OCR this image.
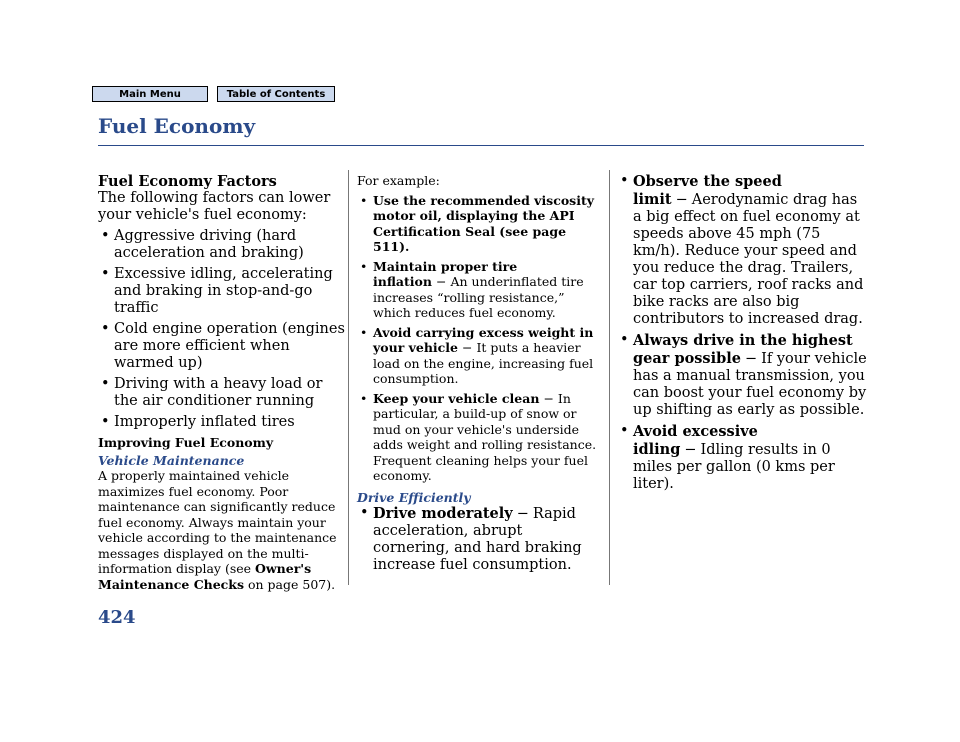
Main Menu	Table of Contents
Fuel Economy
Fuel Economy Factors
The following factors can lower your vehicle's fuel economy:
• Aggressive driving (hard acceleration and braking)
• Excessive idling, accelerating and braking in stop-and-go traffic
• Cold engine operation (engines are more efficient when warmed up)
• Driving with a heavy load or the air conditioner running
• Improperly inflated tires
Improving Fuel Economy
Vehicle Maintenance
A properly maintained vehicle maximizes fuel economy. Poor maintenance can significantly reduce fuel economy. Always maintain your vehicle according to the maintenance messages displayed on the multi-information display (see Owner's Maintenance Checks on page 507).
For example:
• Use the recommended viscosity motor oil, displaying the API Certification Seal (see page 511).
• Maintain proper tire inflation − An underinflated tire increases “rolling resistance,” which reduces fuel economy.
• Avoid carrying excess weight in your vehicle − It puts a heavier load on the engine, increasing fuel consumption.
• Keep your vehicle clean − In particular, a build-up of snow or mud on your vehicle's underside adds weight and rolling resistance. Frequent cleaning helps your fuel economy.
Drive Efficiently
• Drive moderately − Rapid acceleration, abrupt cornering, and hard braking increase fuel consumption.
• Observe the speed limit − Aerodynamic drag has a big effect on fuel economy at speeds above 45 mph (75 km/h). Reduce your speed and you reduce the drag. Trailers, car top carriers, roof racks and bike racks are also big contributors to increased drag.
• Always drive in the highest gear possible − If your vehicle has a manual transmission, you can boost your fuel economy by up shifting as early as possible.
• Avoid excessive idling − Idling results in 0 miles per gallon (0 kms per liter).
424
